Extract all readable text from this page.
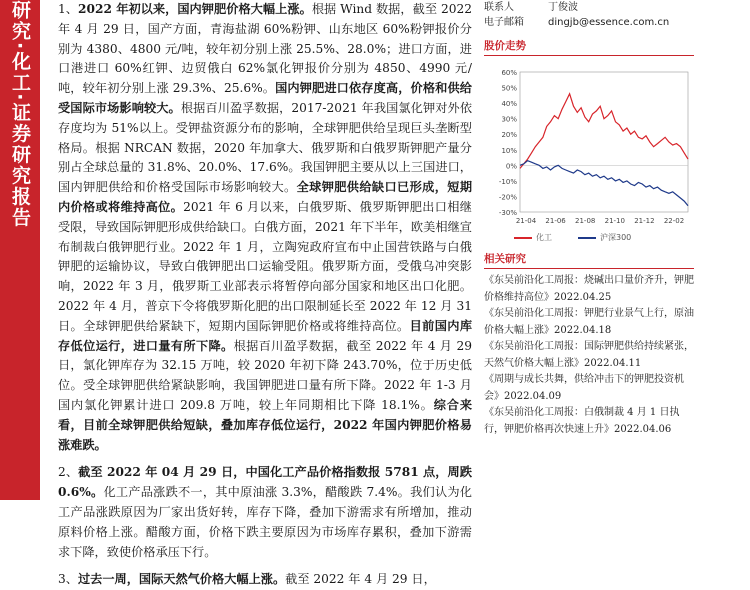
研究·化工·证券研究报告	1、2022 年初以来，国内钾肥价格大幅上涨。根据 Wind 数据，截至 2022 年 4 月 29 日，国产方面，青海盐湖 60%粉钾、山东地区 60%粉钾报价分别为 4380、4800 元/吨，较年初分别上涨 25.5%、28.0%；进口方面，进口港进口 60%红钾、边贸俄白 62%氯化钾报价分别为 4850、4990 元/吨，较年初分别上涨 29.3%、25.6%。国内钾肥进口依存度高，价格和供给受国际市场影响较大。根据百川盈孚数据，2017-2021 年我国氯化钾对外依存度均为 51%以上。受钾盐资源分布的影响，全球钾肥供给呈现巨头垄断型格局。根据 NRCAN 数据，2020 年加拿大、俄罗斯和白俄罗斯钾肥产量分别占全球总量的 31.8%、20.0%、17.6%。我国钾肥主要从以上三国进口，国内钾肥供给和价格受国际市场影响较大。全球钾肥供给缺口已形成，短期内价格或将维持高位。2021 年 6 月以来，白俄罗斯、俄罗斯钾肥出口相继受限，导致国际钾肥形成供给缺口。白俄方面，2021 年下半年，欧美相继宣布制裁白俄钾肥行业。2022 年 1 月，立陶宛政府宣布中止国营铁路与白俄钾肥的运输协议，导致白俄钾肥出口运输受阻。俄罗斯方面，受俄乌冲突影响，2022 年 3 月，俄罗斯工业部表示将暂停向部分国家和地区出口化肥。2022 年 4 月，普京下令将俄罗斯化肥的出口限制延长至 2022 年 12 月 31 日。全球钾肥供给紧缺下，短期内国际钾肥价格或将维持高位。目前国内库存低位运行，进口量有所下降。根据百川盈孚数据，截至 2022 年 4 月 29 日，氯化钾库存为 32.15 万吨，较 2020 年初下降 243.70%，位于历史低位。受全球钾肥供给紧缺影响，我国钾肥进口量有所下降。2022 年 1-3 月国内氯化钾累计进口 209.8 万吨，较上年同期相比下降 18.1%。综合来看，目前全球钾肥供给短缺，叠加库存低位运行，2022 年国内钾肥价格易涨难跌。
2、截至 2022 年 04 月 29 日，中国化工产品价格指数报 5781 点，周跌 0.6%。化工产品涨跌不一，其中原油涨 3.3%，醋酸跌 7.4%。我们认为化工产品涨跌原因为厂家出货好转，库存下降，叠加下游需求有所增加，推动原料价格上涨。醋酸方面，价格下跌主要原因为市场库存累积，叠加下游需求下降，致使价格承压下行。
3、过去一周，国际天然气价格大幅上涨。截至 2022 年 4 月 29 日，
联系人	丁俊波
电子邮箱	dingjb@essence.com.cn
股价走势
60%
50%
40%
30%
20%
10%
0%
-10%
-20%
-30%
21-04 21-06 21-08 21-10 21-12 22-02
化工	沪深300
相关研究
《东吴前沿化工周报：烧碱出口量价齐升，钾肥价格维持高位》2022.04.25
《东吴前沿化工周报：钾肥行业景气上行，原油价格大幅上涨》2022.04.18
《东吴前沿化工周报：国际钾肥供给持续紧张，天然气价格大幅上涨》2022.04.11
《周期与成长共舞，供给冲击下的钾肥投资机会》2022.04.09
《东吴前沿化工周报：白俄制裁 4 月 1 日执行，钾肥价格再次快速上升》2022.04.06
